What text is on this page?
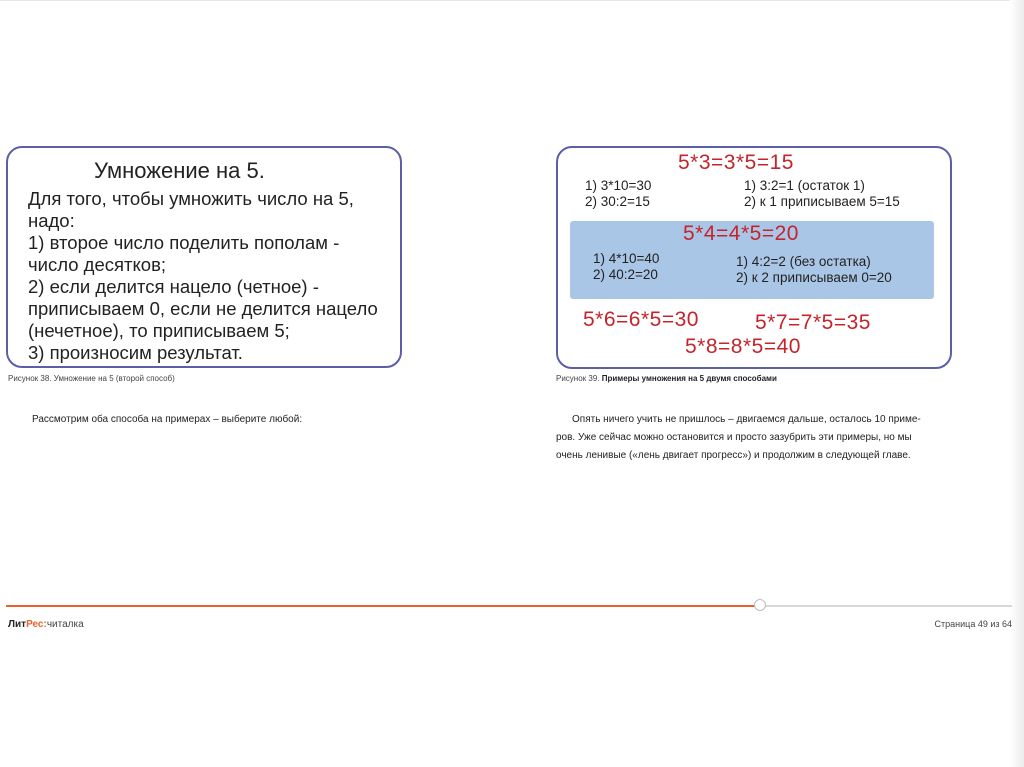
Умножение на 5.
Для того, чтобы умножить число на 5,
надо:
1) второе число поделить пополам -
число десятков;
2) если делится нацело (четное) -
приписываем 0, если не делится нацело
(нечетное), то приписываем 5;
3) произносим результат.
Рисунок 38. Умножение на 5 (второй способ)
5*3=3*5=15
1) 3*10=30
2) 30:2=15
1) 3:2=1 (остаток 1)
2) к 1 приписываем 5=15
5*4=4*5=20
1) 4*10=40
2) 40:2=20
1) 4:2=2 (без остатка)
2) к 2 приписываем 0=20
5*6=6*5=30	5*7=7*5=35
5*8=8*5=40
Рисунок 39. Примеры умножения на 5 двумя способами
Рассмотрим оба способа на примерах – выберите любой:	Опять ничего учить не пришлось – двигаемся дальше, осталось 10 приме-
ров. Уже сейчас можно остановится и просто зазубрить эти примеры, но мы
очень ленивые («лень двигает прогресс») и продолжим в следующей главе.
ЛитРес:читалка	Страница 49 из 64
